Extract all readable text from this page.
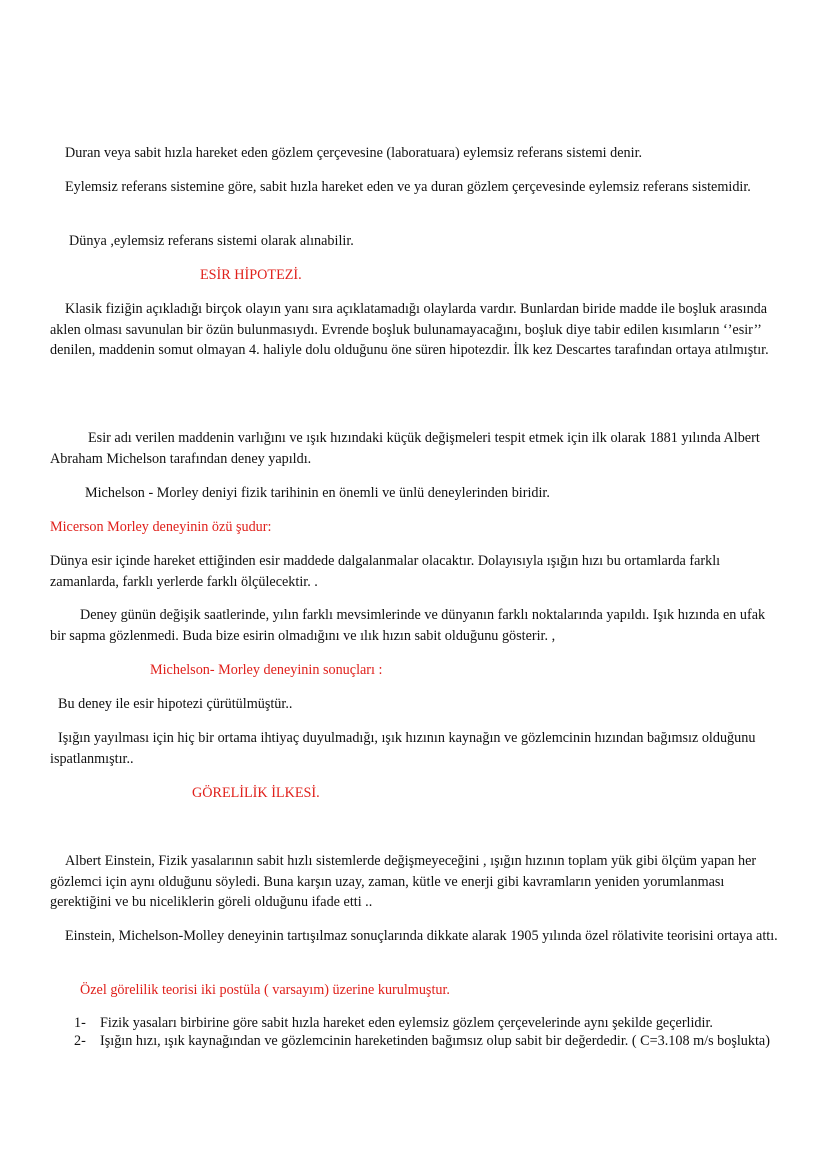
Duran veya sabit hızla hareket eden gözlem çerçevesine (laboratuara) eylemsiz referans sistemi denir.

Eylemsiz referans sistemine göre, sabit hızla hareket eden ve ya duran gözlem çerçevesinde eylemsiz referans sistemidir.

Dünya ,eylemsiz referans sistemi olarak alınabilir.

ESİR HİPOTEZİ.

Klasik fiziğin açıkladığı birçok olayın yanı sıra açıklatamadığı olaylarda vardır. Bunlardan biride madde ile boşluk arasında aklen olması savunulan bir özün bulunmasıydı. Evrende boşluk bulunamayacağını, boşluk diye tabir edilen kısımların ‘’esir’’ denilen, maddenin somut olmayan 4. haliyle dolu olduğunu öne süren hipotezdir. İlk kez Descartes tarafından ortaya atılmıştır.

Esir adı verilen maddenin varlığını ve ışık hızındaki küçük değişmeleri tespit etmek için ilk olarak 1881 yılında Albert Abraham Michelson tarafından deney yapıldı.

Michelson - Morley deniyi fizik tarihinin en önemli ve ünlü deneylerinden biridir.

Micerson Morley deneyinin özü şudur:

Dünya esir içinde hareket ettiğinden esir maddede dalgalanmalar olacaktır. Dolayısıyla ışığın hızı bu ortamlarda farklı zamanlarda, farklı yerlerde farklı ölçülecektir. .

Deney günün değişik saatlerinde, yılın farklı mevsimlerinde ve dünyanın farklı noktalarında yapıldı. Işık hızında en ufak bir sapma gözlenmedi. Buda bize esirin olmadığını ve ılık hızın sabit olduğunu gösterir. ,

Michelson- Morley deneyinin sonuçları :

Bu deney ile esir hipotezi çürütülmüştür..

Işığın yayılması için hiç bir ortama ihtiyaç duyulmadığı, ışık hızının kaynağın ve gözlemcinin hızından bağımsız olduğunu ispatlanmıştır..

GÖRELİLİK İLKESİ.

Albert Einstein, Fizik yasalarının sabit hızlı sistemlerde değişmeyeceğini , ışığın hızının toplam yük gibi ölçüm yapan her gözlemci için aynı olduğunu söyledi. Buna karşın uzay, zaman, kütle ve enerji gibi kavramların yeniden yorumlanması gerektiğini ve bu niceliklerin göreli olduğunu ifade etti ..

Einstein, Michelson-Molley deneyinin tartışılmaz sonuçlarında dikkate alarak 1905 yılında özel rölativite teorisini ortaya attı.

Özel görelilik teorisi iki postüla ( varsayım) üzerine kurulmuştur.
1- Fizik yasaları birbirine göre sabit hızla hareket eden eylemsiz gözlem çerçevelerinde aynı şekilde geçerlidir.
2- Işığın hızı, ışık kaynağından ve gözlemcinin hareketinden bağımsız olup sabit bir değerdedir. ( C=3.108 m/s boşlukta)
